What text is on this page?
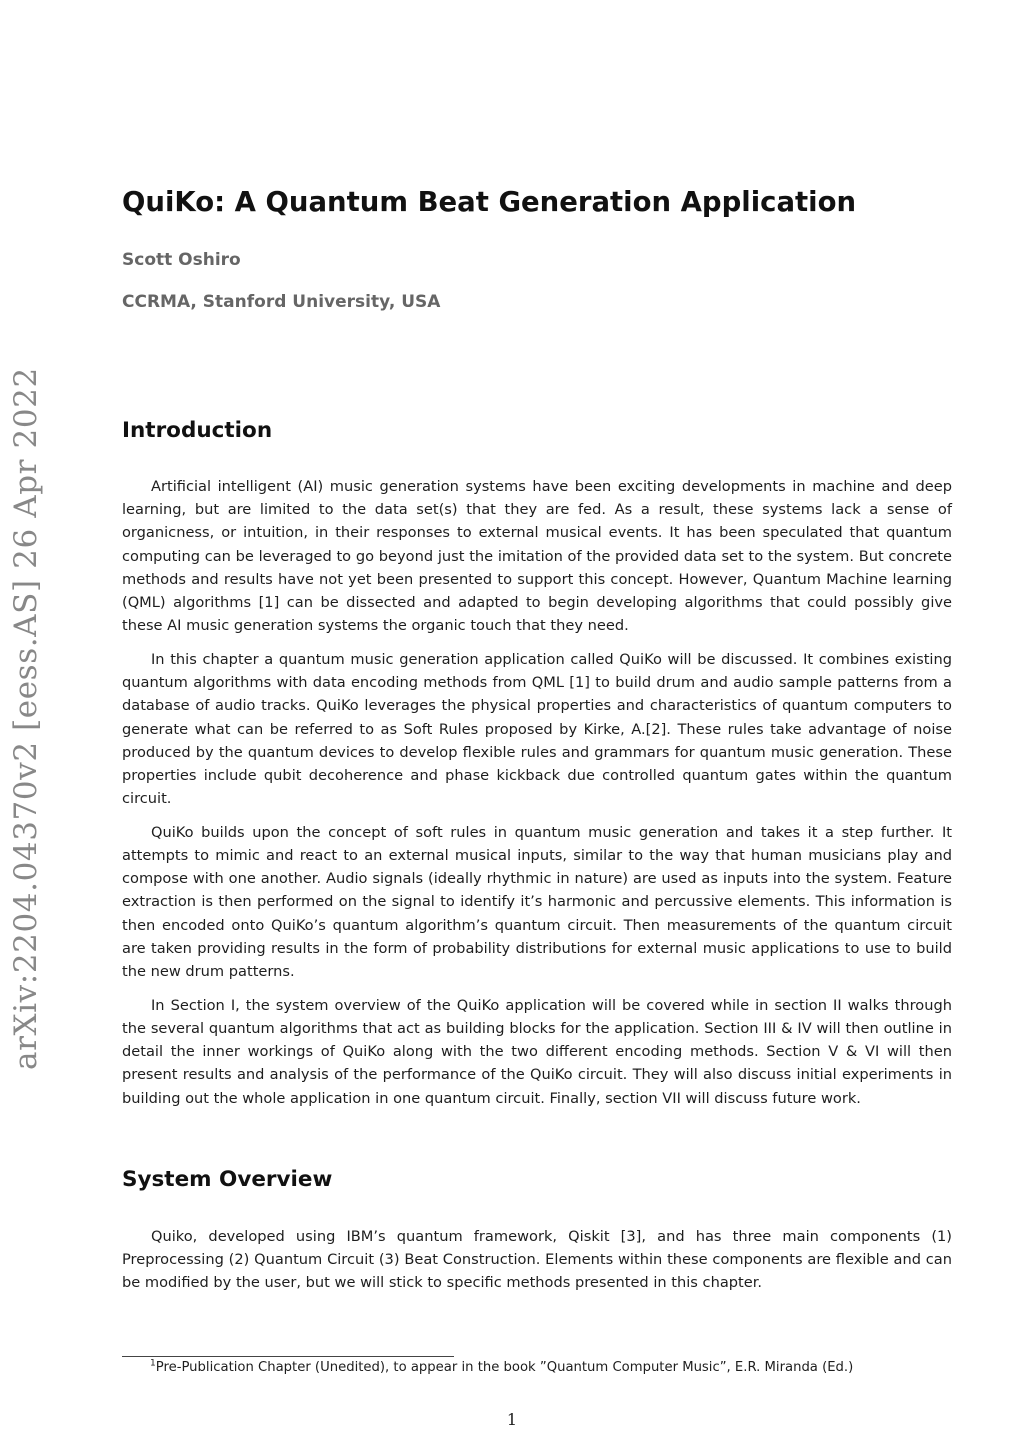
arXiv:2204.04370v2 [eess.AS] 26 Apr 2022
QuiKo: A Quantum Beat Generation Application

Scott Oshiro

CCRMA, Stanford University, USA

Introduction

Artificial intelligent (AI) music generation systems have been exciting developments in machine and deep learning, but are limited to the data set(s) that they are fed. As a result, these systems lack a sense of organicness, or intuition, in their responses to external musical events. It has been speculated that quantum computing can be leveraged to go beyond just the imitation of the provided data set to the system. But concrete methods and results have not yet been presented to support this concept. However, Quantum Machine learning (QML) algorithms [1] can be dissected and adapted to begin developing algorithms that could possibly give these AI music generation systems the organic touch that they need.

In this chapter a quantum music generation application called QuiKo will be discussed. It combines existing quantum algorithms with data encoding methods from QML [1] to build drum and audio sample patterns from a database of audio tracks. QuiKo leverages the physical properties and characteristics of quantum computers to generate what can be referred to as Soft Rules proposed by Kirke, A.[2]. These rules take advantage of noise produced by the quantum devices to develop flexible rules and grammars for quantum music generation. These properties include qubit decoherence and phase kickback due controlled quantum gates within the quantum circuit.

QuiKo builds upon the concept of soft rules in quantum music generation and takes it a step further. It attempts to mimic and react to an external musical inputs, similar to the way that human musicians play and compose with one another. Audio signals (ideally rhythmic in nature) are used as inputs into the system. Feature extraction is then performed on the signal to identify it’s harmonic and percussive elements. This information is then encoded onto QuiKo’s quantum algorithm’s quantum circuit. Then measurements of the quantum circuit are taken providing results in the form of probability distributions for external music applications to use to build the new drum patterns.

In Section I, the system overview of the QuiKo application will be covered while in section II walks through the several quantum algorithms that act as building blocks for the application. Section III & IV will then outline in detail the inner workings of QuiKo along with the two different encoding methods. Section V & VI will then present results and analysis of the performance of the QuiKo circuit. They will also discuss initial experiments in building out the whole application in one quantum circuit. Finally, section VII will discuss future work.

System Overview

Quiko, developed using IBM’s quantum framework, Qiskit [3], and has three main components (1) Preprocessing (2) Quantum Circuit (3) Beat Construction. Elements within these components are flexible and can be modified by the user, but we will stick to specific methods presented in this chapter.

$^1$Pre-Publication Chapter (Unedited), to appear in the book ”Quantum Computer Music”, E.R. Miranda (Ed.)

1
